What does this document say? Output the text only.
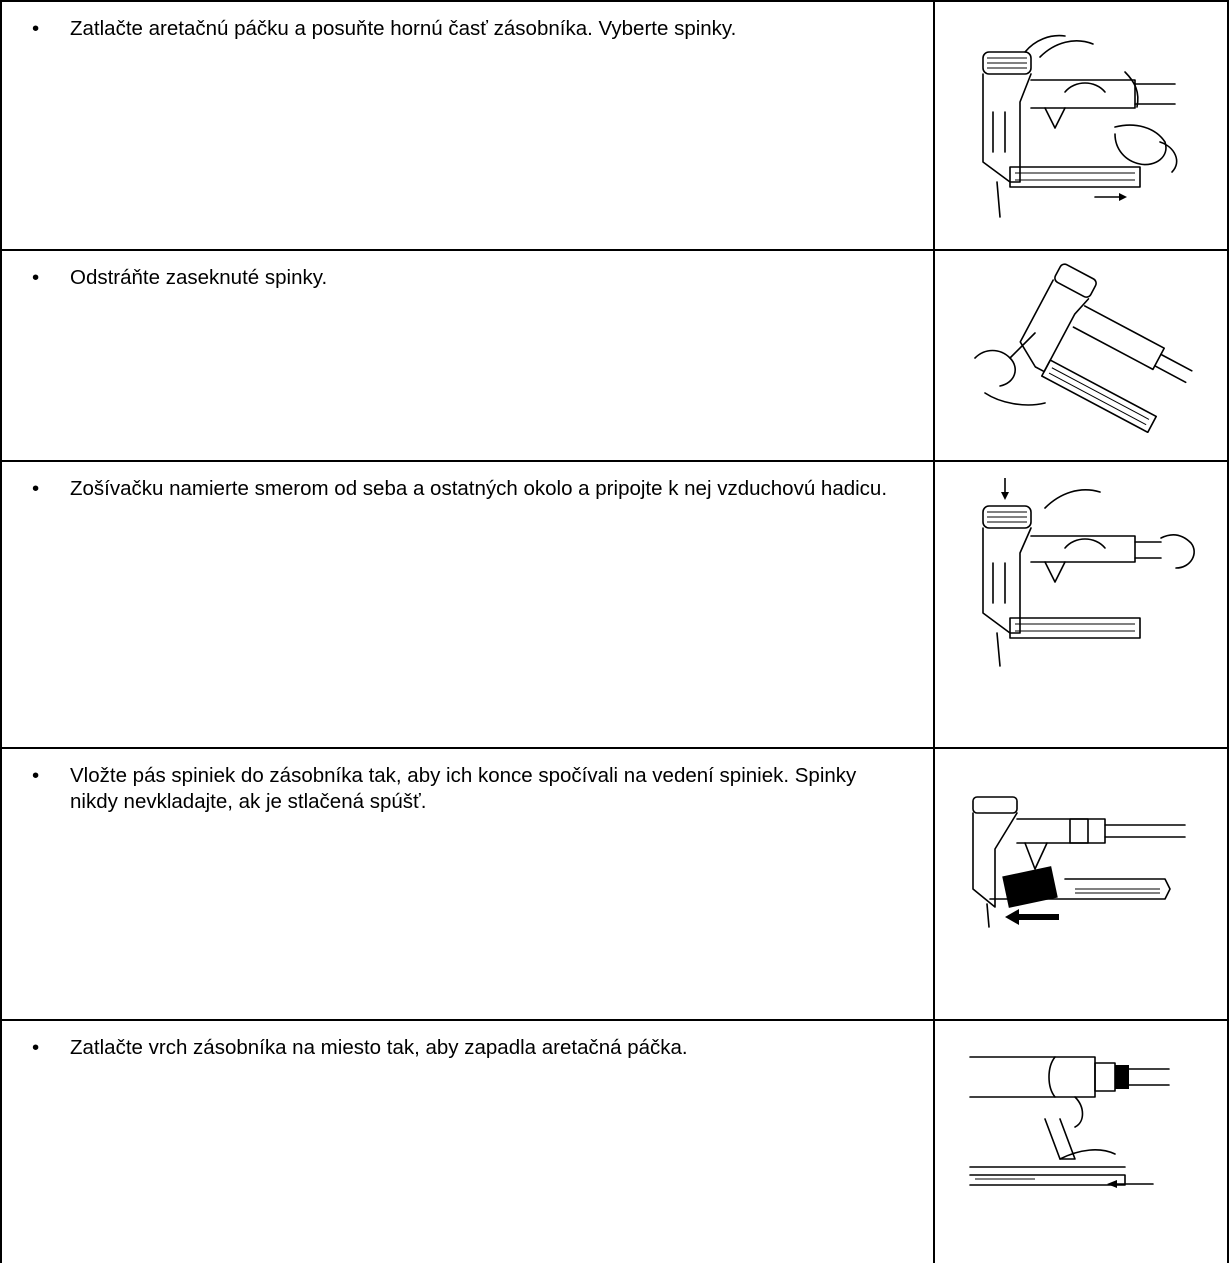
•	Zatlačte aretačnú páčku a posuňte hornú časť zásobníka. Vyberte spinky.
•	Odstráňte zaseknuté spinky.
•	Zošívačku namierte smerom od seba a ostatných okolo a pripojte k nej vzduchovú hadicu.
•	Vložte pás spiniek do zásobníka tak, aby ich konce spočívali na vedení spiniek. Spinky nikdy nevkladajte, ak je stlačená spúšť.
•	Zatlačte vrch zásobníka na miesto tak, aby zapadla aretačná páčka.
